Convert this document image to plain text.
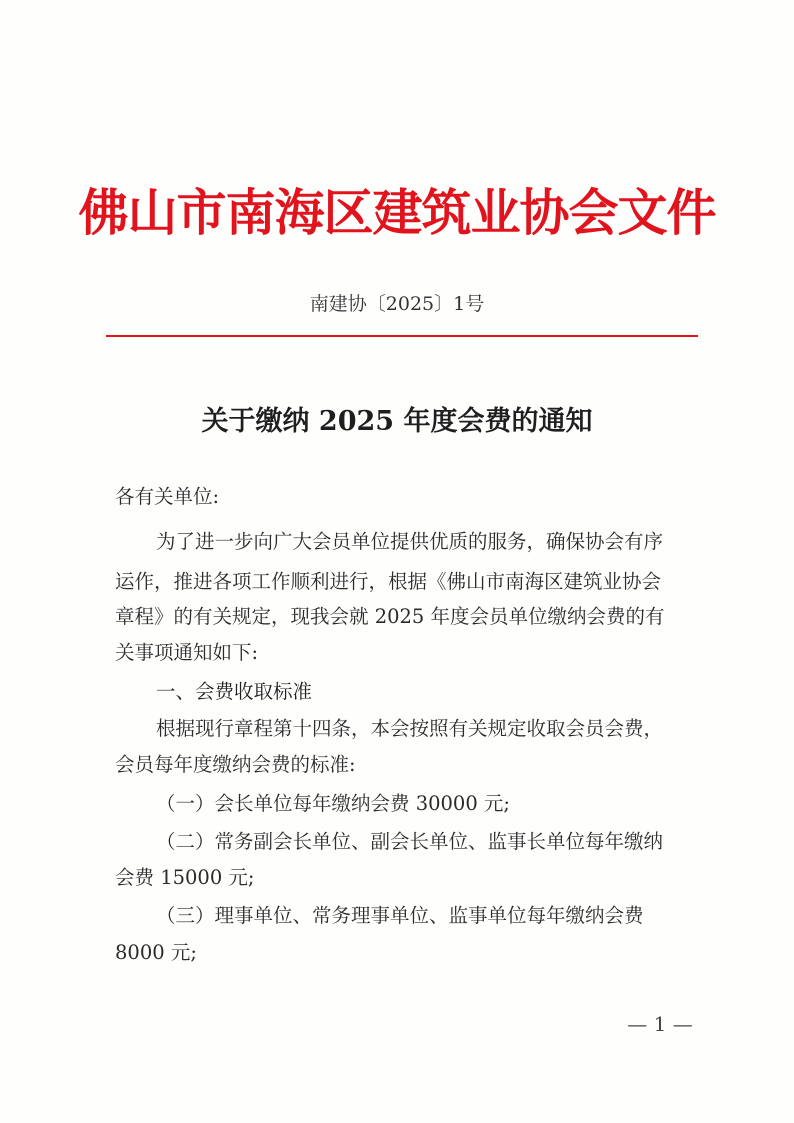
佛山市南海区建筑业协会文件
南建协〔2025〕1号
关于缴纳 2025 年度会费的通知
各有关单位:
为了进一步向广大会员单位提供优质的服务，确保协会有序
运作，推进各项工作顺利进行，根据《佛山市南海区建筑业协会
章程》的有关规定，现我会就 2025 年度会员单位缴纳会费的有
关事项通知如下:
一、会费收取标准
根据现行章程第十四条，本会按照有关规定收取会员会费，
会员每年度缴纳会费的标准:
（一）会长单位每年缴纳会费 30000 元;
（二）常务副会长单位、副会长单位、监事长单位每年缴纳
会费 15000 元;
（三）理事单位、常务理事单位、监事单位每年缴纳会费
8000 元;
— 1 —
